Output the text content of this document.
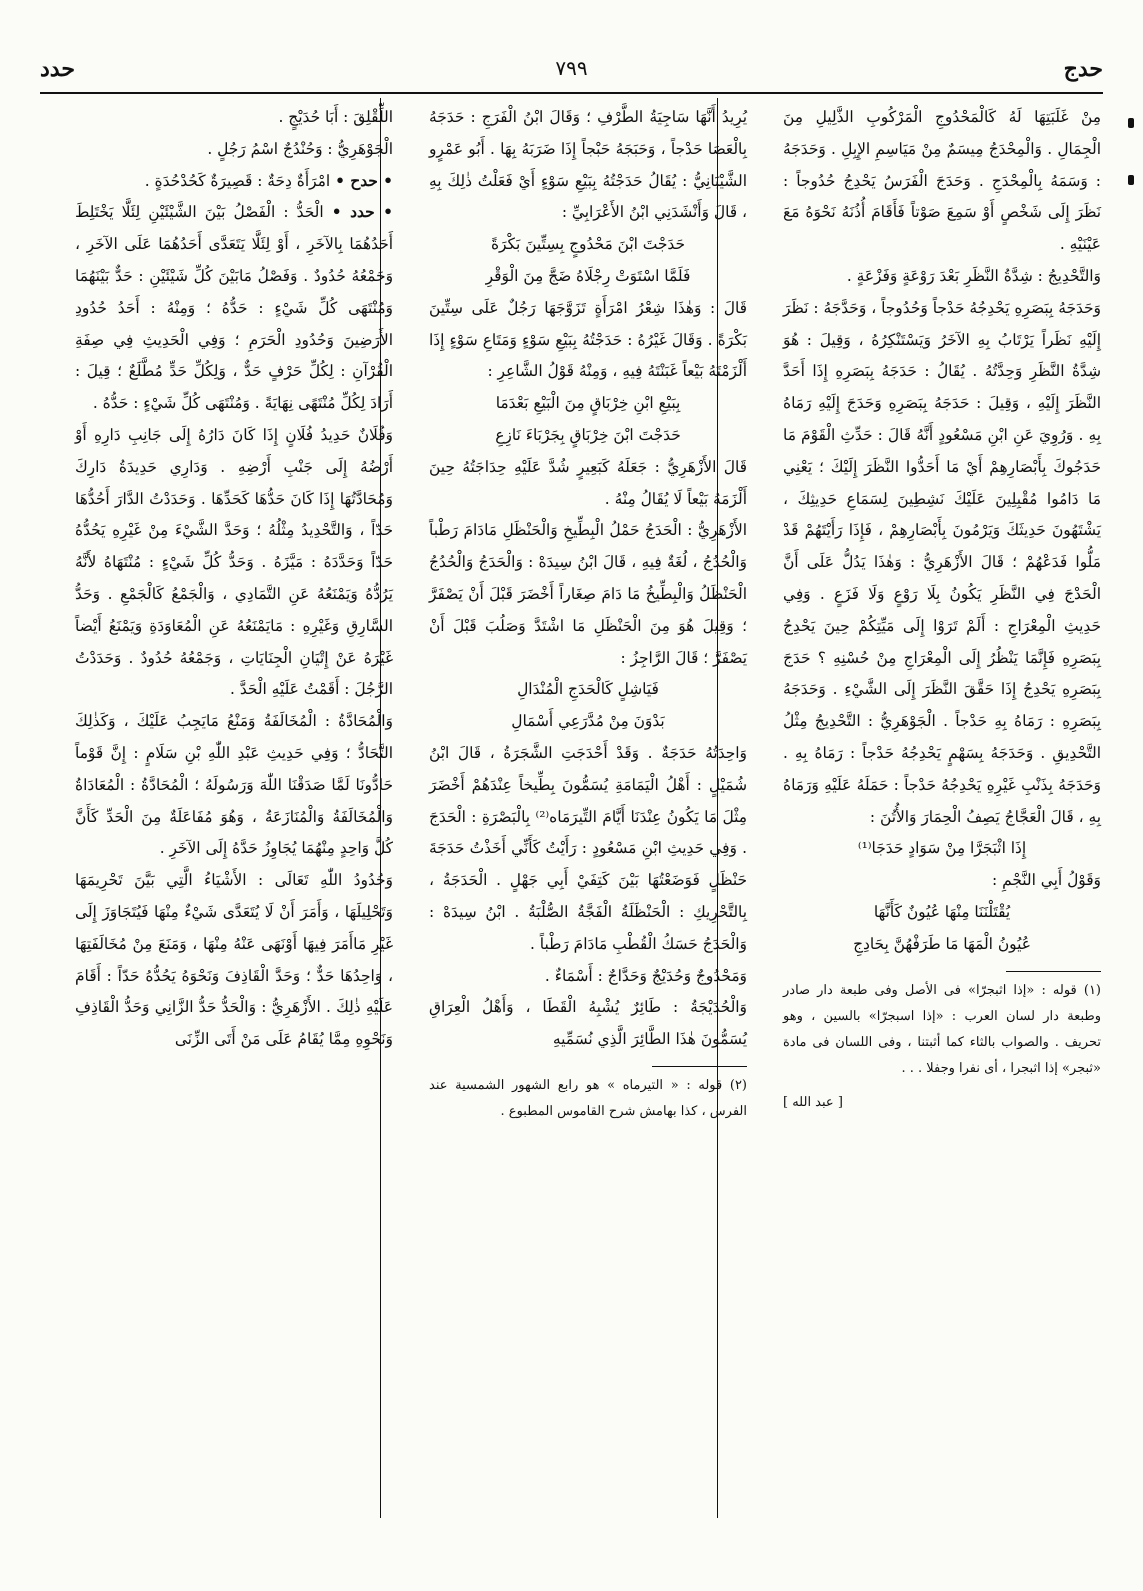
حدج
٧٩٩
حدد

مِنْ غَلَبَتِهَا لَهُ كَالْمَحْدُوجِ الْمَرْكُوبِ الذَّلِيلِ مِنَ الْجِمَالِ . وَالْمِحْدَجُ مِيسَمٌ مِنْ مَيَاسِمِ الإِبِلِ . وَحَدَجَهُ : وَسَمَهُ بِالْمِحْدَجِ . وَحَدَجَ الْفَرَسُ يَحْدِجُ حُدُوجاً : نَظَرَ إِلَى شَخْصٍ أَوْ سَمِعَ صَوْتاً فَأَقَامَ أُذُنَهُ نَحْوَهُ مَعَ عَيْنَيْهِ .

وَالتَّحْدِيجُ : شِدَّةُ النَّظَرِ بَعْدَ رَوْعَةٍ وَفَزْعَةٍ .

وَحَدَجَهُ بِبَصَرِهِ يَحْدِجُهُ حَدْجاً وَحُدُوجاً ، وَحَدَّجَهُ : نَظَرَ إِلَيْهِ نَظَراً يَرْتَابُ بِهِ الآخَرُ وَيَسْتَنْكِرُهُ ، وَقِيلَ : هُوَ شِدَّةُ النَّظَرِ وَحِدَّتُهُ . يُقَالُ : حَدَجَهُ بِبَصَرِهِ إِذَا أَحَدَّ النَّظَرَ إِلَيْهِ ، وَقِيلَ : حَدَجَهُ بِبَصَرِهِ وَحَدَجَ إِلَيْهِ رَمَاهُ بِهِ . وَرُوِيَ عَنِ ابْنِ مَسْعُودٍ أَنَّهُ قَالَ : حَدِّثِ الْقَوْمَ مَا حَدَجُوكَ بِأَبْصَارِهِمْ أَيْ مَا أَحَدُّوا النَّظَرَ إِلَيْكَ ؛ يَعْنِي مَا دَامُوا مُقْبِلِينَ عَلَيْكَ نَشِطِينَ لِسَمَاعِ حَدِيثِكَ ، يَشْتَهُونَ حَدِيثَكَ وَيَرْمُونَ بِأَبْصَارِهِمْ ، فَإِذَا رَأَيْتَهُمْ قَدْ مَلُّوا فَدَعْهُمْ ؛ قَالَ الأَزْهَرِيُّ : وَهٰذَا يَدُلُّ عَلَى أَنَّ الْحَدْجَ فِي النَّظَرِ يَكُونُ بِلَا رَوْعٍ وَلَا فَزَعٍ . وَفِي حَدِيثِ الْمِعْرَاجِ : أَلَمْ تَرَوْا إِلَى مَيِّتِكُمْ حِينَ يَحْدِجُ بِبَصَرِهِ فَإِنَّمَا يَنْظُرُ إِلَى الْمِعْرَاجِ مِنْ حُسْنِهِ ؟ حَدَجَ بِبَصَرِهِ يَحْدِجُ إِذَا حَقَّقَ النَّظَرَ إِلَى الشَّيْءِ . وَحَدَجَهُ بِبَصَرِهِ : رَمَاهُ بِهِ حَدْجاً . الْجَوْهَرِيُّ : التَّحْدِيجُ مِثْلُ التَّحْدِيقِ . وَحَدَجَهُ بِسَهْمٍ يَحْدِجُهُ حَدْجاً : رَمَاهُ بِهِ . وَحَدَجَهُ بِذَنْبِ غَيْرِهِ يَحْدِجُهُ حَدْجاً : حَمَلَهُ عَلَيْهِ وَرَمَاهُ بِهِ ، قَالَ الْعَجَّاجُ يَصِفُ الْحِمَارَ وَالأُتُنَ :

إِذَا اثْبَجَرَّا مِنْ سَوَادٍ حَدَجَا⁽¹⁾

وَقَوْلُ أَبِي النَّجْمِ :

يُقْتَلْنَنَا مِنْهَا عُيُونٌ كَأَنَّهَا

عُيُونُ الْمَهَا مَا طَرَفْهُنَّ بِحَادِجِ

(١) قوله : «إذا اثبجرّا» فى الأصل وفى طبعة دار صادر وطبعة دار لسان العرب : «إذا اسبجرّا» بالسين ، وهو تحريف . والصواب بالثاء كما أثبتنا ، وفى اللسان فى مادة «ثبجر» إذا اثبجرا ، أى نفرا وجفلا . . .

[ عبد الله ]

يُرِيدُ أَنَّهَا سَاجِيَةُ الطَّرْفِ ؛ وَقَالَ ابْنُ الْفَرَجِ : حَدَجَهُ بِالْعَصَا حَدْجاً ، وَحَبَجَهُ حَبْجاً إِذَا ضَرَبَهُ بِهَا . أَبُو عَمْرٍو الشَّيْبَانِيُّ : يُقَالُ حَدَجْتُهُ بِبَيْعِ سَوْءٍ أَيْ فَعَلْتُ ذٰلِكَ بِهِ ، قَالَ وَأَنْشَدَنِي ابْنُ الأَعْرَابِيِّ :

حَدَجْتَ ابْنَ مَحْدُوجٍ بِسِتِّينَ بَكْرَةً

فَلَمَّا اسْتَوَتْ رِجْلَاهُ ضَجَّ مِنَ الْوَقْرِ

قَالَ : وَهٰذَا شِعْرُ امْرَأَةٍ تَزَوَّجَهَا رَجُلٌ عَلَى سِتِّينَ بَكْرَةً . وَقَالَ غَيْرُهُ : حَدَجْتُهُ بِبَيْعِ سَوْءٍ وَمَتَاعِ سَوْءٍ إِذَا أَلْزَمْتَهُ بَيْعاً غَبَنْتَهُ فِيهِ ، وَمِنْهُ قَوْلُ الشَّاعِرِ :

بِبَيْعِ ابْنِ خِرْبَاقٍ مِنَ الْبَيْعِ بَعْدَمَا

حَدَجْتَ ابْنَ خِرْبَاقٍ بِجَرْبَاءَ نَازِعِ

قَالَ الأَزْهَرِيُّ : جَعَلَهُ كَبَعِيرٍ شُدَّ عَلَيْهِ حِدَاجَتُهُ حِينَ أَلْزَمَهُ بَيْعاً لَا يُقَالُ مِنْهُ .

الأَزْهَرِيُّ : الْحَدَجُ حَمْلُ الْبِطِّيخِ وَالْحَنْظَلِ مَادَامَ رَطْباً وَالْحُدُجُ ، لُغَةٌ فِيهِ ، قَالَ ابْنُ سِيدَهْ : وَالْحَدَجُ وَالْحُدُجُ الْحَنْظَلُ وَالْبِطِّيخُ مَا دَامَ صِغَاراً أَخْضَرَ قَبْلَ أَنْ يَصْفَرَّ ؛ وَقِيلَ هُوَ مِنَ الْحَنْظَلِ مَا اشْتَدَّ وَصَلُبَ قَبْلَ أَنْ يَصْفَرَّ ؛ قَالَ الرَّاجِزُ :

فَيَاشِلٍ كَالْحَدَجِ الْمُنْدَالِ

بَدْوَنَ مِنْ مُدَّرَعِي أَسْمَالِ

وَاحِدَتُهُ حَدَجَةٌ . وَقَدْ أَحْدَجَتِ الشَّجَرَةُ ، قَالَ ابْنُ شُمَيْلٍ : أَهْلُ الْيَمَامَةِ يُسَمُّونَ بِطِّيخاً عِنْدَهُمْ أَخْضَرَ مِثْلَ مَا يَكُونُ عِنْدَنَا أَيَّامَ التِّيرَمَاه⁽²⁾ بِالْبَصْرَةِ : الْحَدَجَ . وَفِي حَدِيثِ ابْنِ مَسْعُودٍ : رَأَيْتُ كَأَنِّي أَخَذْتُ حَدَجَةَ حَنْظَلٍ فَوَضَعْتُهَا بَيْنَ كَتِفَيْ أَبِي جَهْلٍ . الْحَدَجَةُ ، بِالتَّحْرِيكِ : الْحَنْظَلَةُ الْفَجَّةُ الصُّلْبَةُ . ابْنُ سِيدَهْ : وَالْحَدَجُ حَسَكُ الْقُطْبِ مَادَامَ رَطْباً .

وَمَحْدُوجٌ وَحُدَيْجٌ وَحَدَّاجٌ : أَسْمَاءٌ .

وَالْحُدَيْجَةُ : طَائِرٌ يُشْبِهُ الْقَطَا ، وَأَهْلُ الْعِرَاقِ يُسَمُّونَ هٰذَا الطَّائِرَ الَّذِي نُسَمِّيهِ

(٢) قوله : « التيرماه » هو رابع الشهور الشمسية عند الفرس ، كذا بهامش شرح القاموس المطبوع .

اللِّقْلِقَ : أَبَا حُدَيْجٍ .

الْجَوْهَرِيُّ : وَحُنْدُجٌ اسْمُ رَجُلٍ .

• حدح • امْرَأَةٌ دِحَةٌ : قَصِيرَةٌ كَحُدْحُدَةٍ .

• حدد • الْحَدُّ : الْفَصْلُ بَيْنَ الشَّيْئَيْنِ لِئَلَّا يَخْتَلِطَ أَحَدُهُمَا بِالآخَرِ ، أَوْ لِئَلَّا يَتَعَدَّى أَحَدُهُمَا عَلَى الآخَرِ ، وَجَمْعُهُ حُدُودٌ . وَفَصْلُ مَابَيْنَ كُلِّ شَيْئَيْنِ : حَدٌّ بَيْنَهُمَا وَمُنْتَهَى كُلِّ شَيْءٍ : حَدُّهُ ؛ وَمِنْهُ : أَحَدُ حُدُودِ الأَرَضِينَ وَحُدُودِ الْحَرَمِ ؛ وَفِي الْحَدِيثِ فِي صِفَةِ الْقُرْآنِ : لِكُلِّ حَرْفٍ حَدٌّ ، وَلِكُلِّ حَدٍّ مُطَّلَعٌ ؛ قِيلَ : أَرَادَ لِكُلِّ مُنْتَهًى نِهَايَةً . وَمُنْتَهَى كُلِّ شَيْءٍ : حَدُّهُ .

وَفُلَانٌ حَدِيدُ فُلَانٍ إِذَا كَانَ دَارُهُ إِلَى جَانِبِ دَارِهِ أَوْ أَرْضُهُ إِلَى جَنْبِ أَرْضِهِ . وَدَارِي حَدِيدَةُ دَارِكَ وَمُحَادَّتُهَا إِذَا كَانَ حَدُّهَا كَحَدِّهَا . وَحَدَدْتُ الدَّارَ أَحُدُّهَا حَدّاً ، وَالتَّحْدِيدُ مِثْلُهُ ؛ وَحَدَّ الشَّيْءَ مِنْ غَيْرِهِ يَحُدُّهُ حَدّاً وَحَدَّدَهُ : مَيَّزَهُ . وَحَدُّ كُلِّ شَيْءٍ : مُنْتَهَاهُ لأَنَّهُ يَرُدُّهُ وَيَمْنَعُهُ عَنِ التَّمَادِي ، وَالْجَمْعُ كَالْجَمْعِ . وَحَدُّ السَّارِقِ وَغَيْرِهِ : مَايَمْنَعُهُ عَنِ الْمُعَاوَدَةِ وَيَمْنَعُ أَيْضاً غَيْرَهُ عَنْ إِتْيَانِ الْجِنَايَاتِ ، وَجَمْعُهُ حُدُودٌ . وَحَدَدْتُ الرَّجُلَ : أَقَمْتُ عَلَيْهِ الْحَدَّ .

وَالْمُحَادَّةُ : الْمُخَالَفَةُ وَمَنْعُ مَايَجِبُ عَلَيْكَ ، وَكَذٰلِكَ التَّحَادُّ ؛ وَفِي حَدِيثِ عَبْدِ اللّٰهِ بْنِ سَلَامٍ : إِنَّ قَوْماً حَادُّونَا لَمَّا صَدَقْنَا اللّٰهَ وَرَسُولَهُ ؛ الْمُحَادَّةُ : الْمُعَادَاةُ وَالْمُخَالَفَةُ وَالْمُنَازَعَةُ ، وَهُوَ مُفَاعَلَةٌ مِنَ الْحَدِّ كَأَنَّ كُلَّ وَاحِدٍ مِنْهُمَا يُجَاوِزُ حَدَّهُ إِلَى الآخَرِ .

وَحُدُودُ اللّٰهِ تَعَالَى : الأَشْيَاءُ الَّتِي بَيَّنَ تَحْرِيمَهَا وَتَحْلِيلَهَا ، وَأَمَرَ أَنْ لَا يُتَعَدَّى شَيْءٌ مِنْهَا فَيُتَجَاوَزَ إِلَى غَيْرِ مَاأَمَرَ فِيهَا أَوْنَهَى عَنْهُ مِنْهَا ، وَمَنَعَ مِنْ مُخَالَفَتِهَا ، وَاحِدُهَا حَدٌّ ؛ وَحَدَّ الْقَاذِفَ وَنَحْوَهُ يَحُدُّهُ حَدّاً : أَقَامَ عَلَيْهِ ذٰلِكَ . الأَزْهَرِيُّ : وَالْحَدُّ حَدُّ الزَّانِي وَحَدُّ الْقَاذِفِ وَنَحْوِهِ مِمَّا يُقَامُ عَلَى مَنْ أَتَى الزِّنَى
